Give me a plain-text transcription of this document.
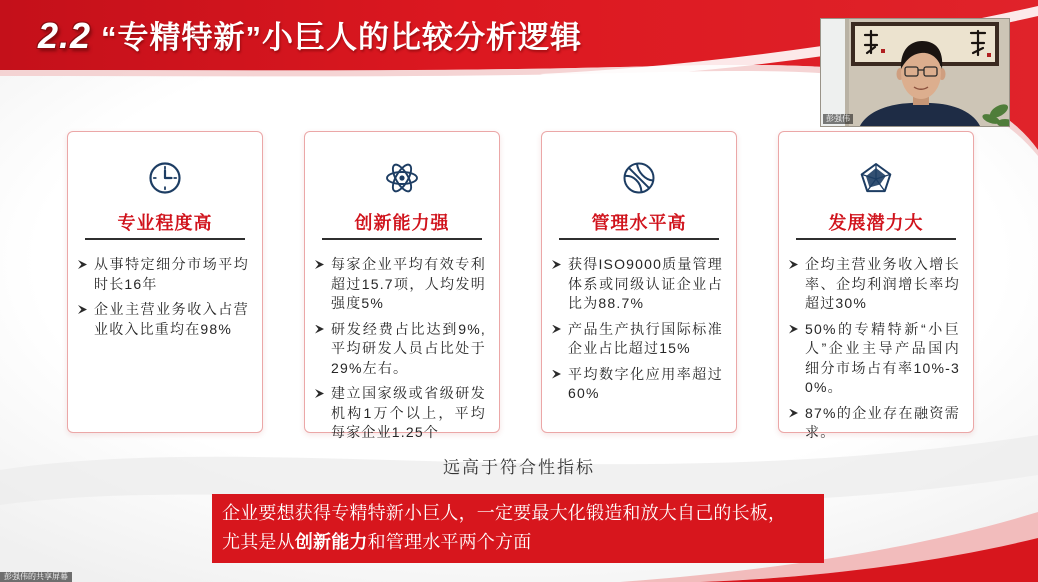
2.2 “专精特新”小巨人的比较分析逻辑
专业程度高
从事特定细分市场平均时长16年
企业主营业务收入占营业收入比重均在98%
创新能力强
每家企业平均有效专利超过15.7项，人均发明强度5%
研发经费占比达到9%,平均研发人员占比处于29%左右。
建立国家级或省级研发机构1万个以上，平均每家企业1.25个
管理水平高
获得ISO9000质量管理体系或同级认证企业占比为88.7%
产品生产执行国际标准企业占比超过15%
平均数字化应用率超过60%
发展潜力大
企均主营业务收入增长率、企均利润增长率均超过30%
50%的专精特新“小巨人”企业主导产品国内细分市场占有率10%-30%。
87%的企业存在融资需求。
远高于符合性指标
企业要想获得专精特新小巨人，一定要最大化锻造和放大自己的长板，
尤其是从创新能力和管理水平两个方面
彭强伟
彭强伟的共享屏幕
